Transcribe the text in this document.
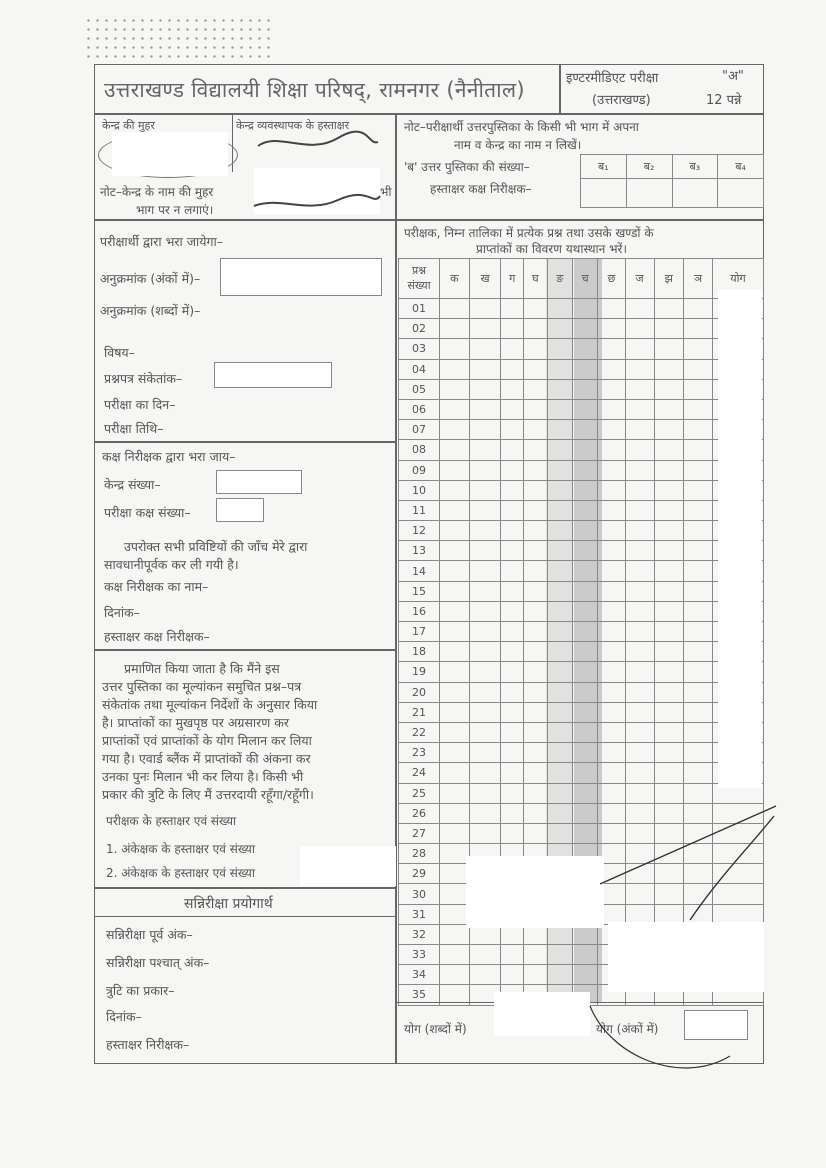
उत्तराखण्ड विद्यालयी शिक्षा परिषद्, रामनगर (नैनीताल)	इण्टरमीडिएट परीक्षा	"अ"
(उत्तराखण्ड)	12 पन्ने
केन्द्र की मुहर	केन्द्र व्यवस्थापक के हस्ताक्षर
नोट–केन्द्र के नाम की मुहर	भी
भाग पर न लगाएं।
नोट–परीक्षार्थी उत्तरपुस्तिका के किसी भी भाग में अपना
नाम व केन्द्र का नाम न लिखें।
'ब' उत्तर पुस्तिका की संख्या–
हस्ताक्षर कक्ष निरीक्षक–
ब₁	ब₂	ब₃	ब₄

परीक्षार्थी द्वारा भरा जायेगा–
अनुक्रमांक (अंकों में)–
अनुक्रमांक (शब्दों में)–
विषय–
प्रश्नपत्र संकेतांक–
परीक्षा का दिन–
परीक्षा तिथि–
कक्ष निरीक्षक द्वारा भरा जाय–
केन्द्र संख्या–
परीक्षा कक्ष संख्या–
उपरोक्त सभी प्रविष्टियों की जाँच मेरे द्वारा
सावधानीपूर्वक कर ली गयी है।
कक्ष निरीक्षक का नाम–
दिनांक–
हस्ताक्षर कक्ष निरीक्षक–
प्रमाणित किया जाता है कि मैंने इस
उत्तर पुस्तिका का मूल्यांकन समुचित प्रश्न–पत्र
संकेतांक तथा मूल्यांकन निर्देशों के अनुसार किया
है। प्राप्तांकों का मुखपृष्ठ पर अग्रसारण कर
प्राप्तांकों एवं प्राप्तांकों के योग मिलान कर लिया
गया है। एवार्ड ब्लैंक में प्राप्तांकों की अंकना कर
उनका पुनः मिलान भी कर लिया है। किसी भी
प्रकार की त्रुटि के लिए मैं उत्तरदायी रहूँगा/रहूँगी।
परीक्षक के हस्ताक्षर एवं संख्या
1. अंकेक्षक के हस्ताक्षर एवं संख्या
2. अंकेक्षक के हस्ताक्षर एवं संख्या
सन्निरीक्षा प्रयोगार्थ
सन्निरीक्षा पूर्व अंक–
सन्निरीक्षा पश्चात् अंक–
त्रुटि का प्रकार–
दिनांक–
हस्ताक्षर निरीक्षक–
परीक्षक, निम्न तालिका में प्रत्येक प्रश्न तथा उसके खण्डों के
प्राप्तांकों का विवरण यथास्थान भरें।
प्रश्न
संख्या	क	ख	ग	घ	ङ	च	छ	ज	झ	ञ	योग
01											
02											
03											
04											
05											
06											
07											
08											
09											
10											
11											
12											
13											
14											
15											
16											
17											
18											
19											
20											
21											
22											
23											
24											
25											
26											
27											
28											
29											
30											
31											
32											
33											
34											
35											
योग (शब्दों में)	योग (अंकों में)
